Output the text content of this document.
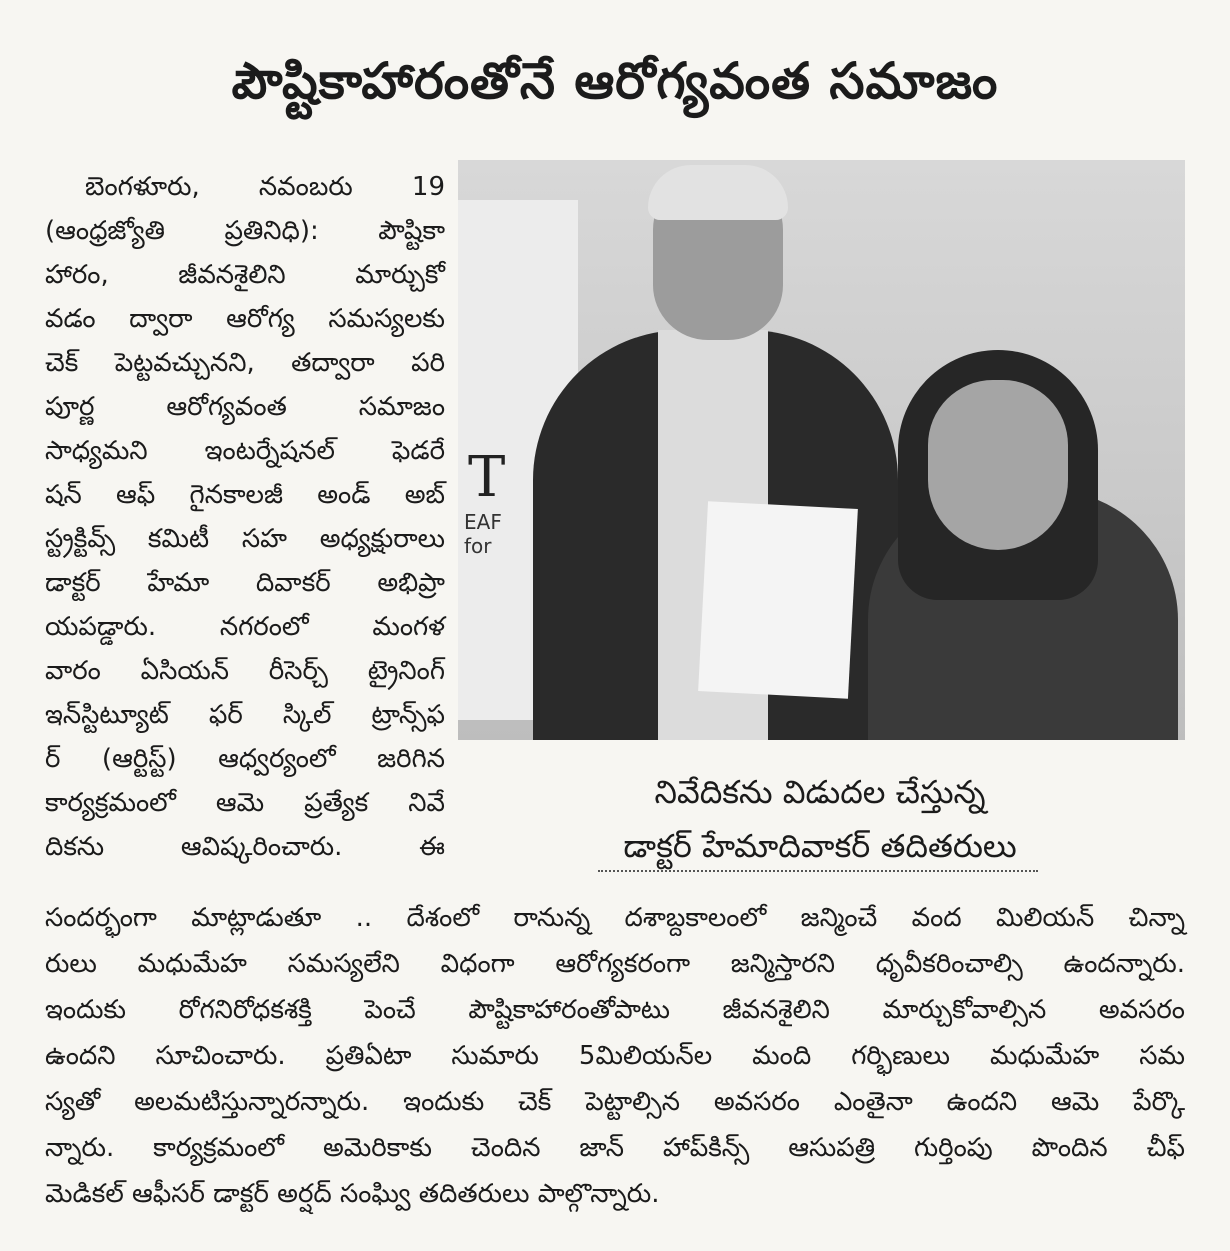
పౌష్టికాహారంతోనే ఆరోగ్యవంత సమాజం
బెంగళూరు, నవంబరు 19
(ఆంధ్రజ్యోతి ప్రతినిధి): పౌష్టికా
హారం, జీవనశైలిని మార్చుకో
వడం ద్వారా ఆరోగ్య సమస్యలకు
చెక్ పెట్టవచ్చునని, తద్వారా పరి
పూర్ణ ఆరోగ్యవంత సమాజం
సాధ్యమని ఇంటర్నేషనల్ ఫెడరే
షన్ ఆఫ్ గైనకాలజీ అండ్ అబ్
స్ట్రక్టివ్స్ కమిటీ సహ అధ్యక్షురాలు
డాక్టర్ హేమా దివాకర్ అభిప్రా
యపడ్డారు. నగరంలో మంగళ
వారం ఏసియన్ రీసెర్చ్ ట్రైనింగ్
ఇన్‌స్టిట్యూట్ ఫర్ స్కిల్ ట్రాన్స్‌ఫ
ర్ (ఆర్టిస్ట్) ఆధ్వర్యంలో జరిగిన
కార్యక్రమంలో ఆమె ప్రత్యేక నివే
దికను ఆవిష్కరించారు. ఈ
T
EAF
for
నివేదికను విడుదల చేస్తున్న
డాక్టర్ హేమాదివాకర్ తదితరులు
సందర్భంగా మాట్లాడుతూ .. దేశంలో రానున్న దశాబ్దకాలంలో జన్మించే వంద మిలియన్ చిన్నా
రులు మధుమేహ సమస్యలేని విధంగా ఆరోగ్యకరంగా జన్మిస్తారని ధృవీకరించాల్సి ఉందన్నారు.
ఇందుకు రోగనిరోధకశక్తి పెంచే పౌష్టికాహారంతోపాటు జీవనశైలిని మార్చుకోవాల్సిన అవసరం
ఉందని సూచించారు. ప్రతిఏటా సుమారు 5మిలియన్‌ల మంది గర్భిణులు మధుమేహ సమ
స్యతో అలమటిస్తున్నారన్నారు. ఇందుకు చెక్ పెట్టాల్సిన అవసరం ఎంతైనా ఉందని ఆమె పేర్కొ
న్నారు. కార్యక్రమంలో అమెరికాకు చెందిన జాన్ హాప్‌కిన్స్ ఆసుపత్రి గుర్తింపు పొందిన చీఫ్
మెడికల్ ఆఫీసర్ డాక్టర్ అర్షద్ సంఘ్వి తదితరులు పాల్గొన్నారు.
